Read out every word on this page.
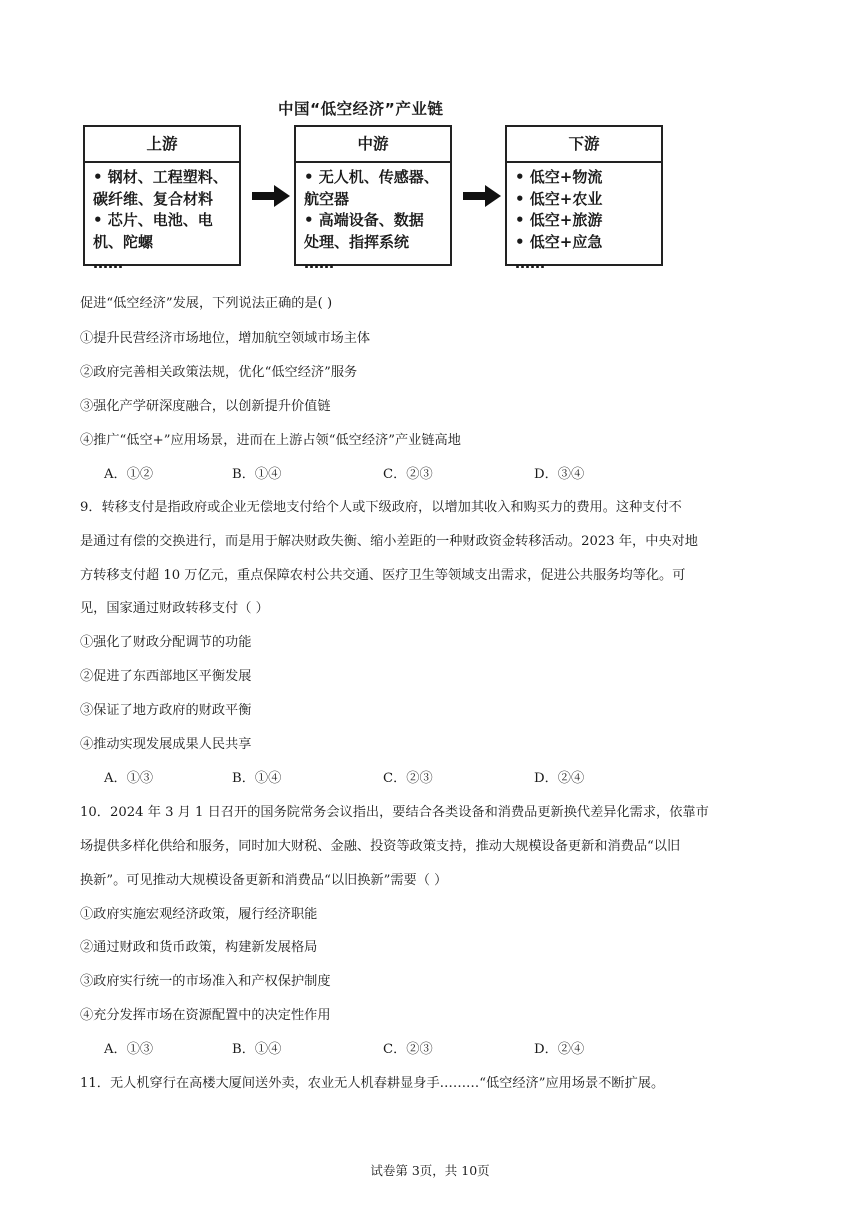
中国“低空经济”产业链
上游
• 钢材、工程塑料、
碳纤维、复合材料
• 芯片、电池、电
机、陀螺
……
中游
• 无人机、传感器、
航空器
• 高端设备、数据
处理、指挥系统
……
下游
• 低空+物流
• 低空+农业
• 低空+旅游
• 低空+应急
……
促进“低空经济”发展，下列说法正确的是( )
①提升民营经济市场地位，增加航空领域市场主体
②政府完善相关政策法规，优化“低空经济”服务
③强化产学研深度融合，以创新提升价值链
④推广“低空+”应用场景，进而在上游占领“低空经济”产业链高地
A．①②	B．①④	C．②③	D．③④
9．转移支付是指政府或企业无偿地支付给个人或下级政府，以增加其收入和购买力的费用。这种支付不
是通过有偿的交换进行，而是用于解决财政失衡、缩小差距的一种财政资金转移活动。2023 年，中央对地
方转移支付超 10 万亿元，重点保障农村公共交通、医疗卫生等领域支出需求，促进公共服务均等化。可
见，国家通过财政转移支付（ ）
①强化了财政分配调节的功能
②促进了东西部地区平衡发展
③保证了地方政府的财政平衡
④推动实现发展成果人民共享
A．①③	B．①④	C．②③	D．②④
10．2024 年 3 月 1 日召开的国务院常务会议指出，要结合各类设备和消费品更新换代差异化需求，依靠市
场提供多样化供给和服务，同时加大财税、金融、投资等政策支持，推动大规模设备更新和消费品“以旧
换新”。可见推动大规模设备更新和消费品“以旧换新”需要（ ）
①政府实施宏观经济政策，履行经济职能
②通过财政和货币政策，构建新发展格局
③政府实行统一的市场准入和产权保护制度
④充分发挥市场在资源配置中的决定性作用
A．①③	B．①④	C．②③	D．②④
11．无人机穿行在高楼大厦间送外卖，农业无人机春耕显身手………“低空经济”应用场景不断扩展。
试卷第 3页，共 10页
